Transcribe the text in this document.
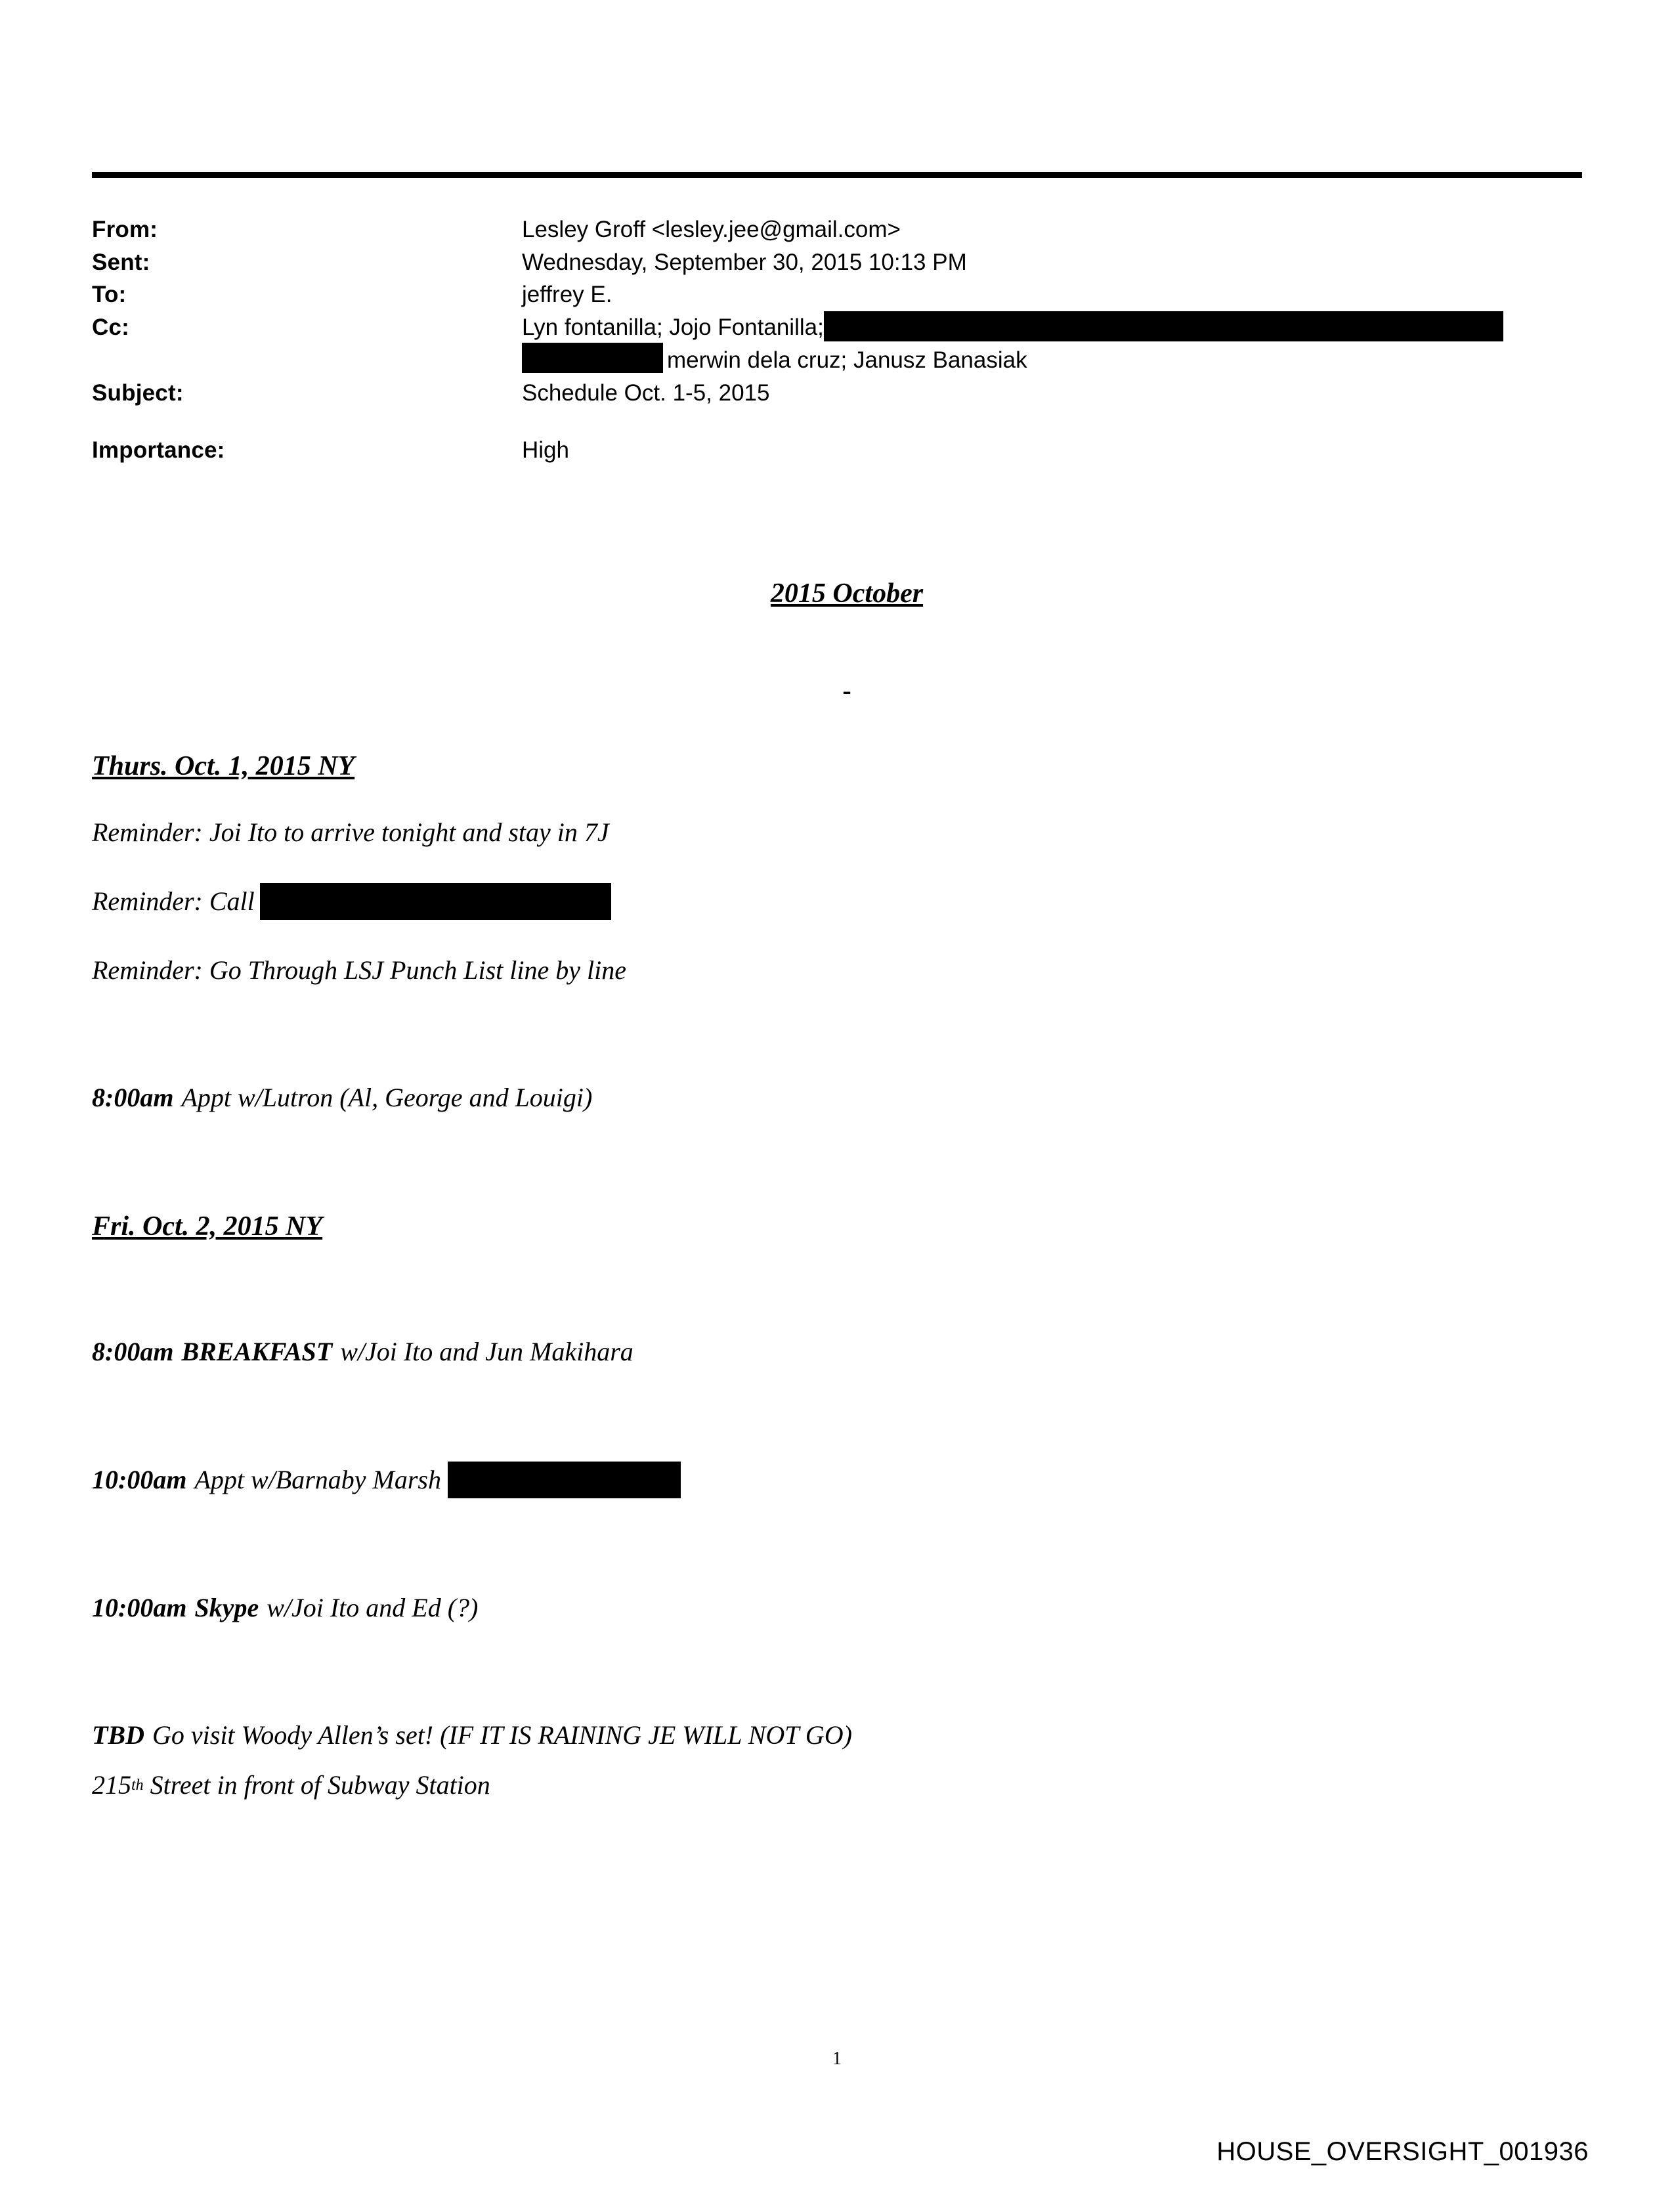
From:	Lesley Groff <lesley.jee@gmail.com>
Sent:	Wednesday, September 30, 2015 10:13 PM
To:	jeffrey E.
Cc:	Lyn fontanilla; Jojo Fontanilla;
merwin dela cruz; Janusz Banasiak
Subject:	Schedule Oct. 1-5, 2015
Importance:	High
2015 October
-
Thurs. Oct. 1, 2015 NY
Reminder: Joi Ito to arrive tonight and stay in 7J
Reminder: Call
Reminder: Go Through LSJ Punch List line by line
8:00am Appt w/Lutron (Al, George and Louigi)
Fri. Oct. 2, 2015 NY
8:00am BREAKFAST w/Joi Ito and Jun Makihara
10:00am Appt w/Barnaby Marsh
10:00am Skype w/Joi Ito and Ed (?)
TBD Go visit Woody Allen’s set! (IF IT IS RAINING JE WILL NOT GO)
215 th Street in front of Subway Station
1
HOUSE_OVERSIGHT_001936
